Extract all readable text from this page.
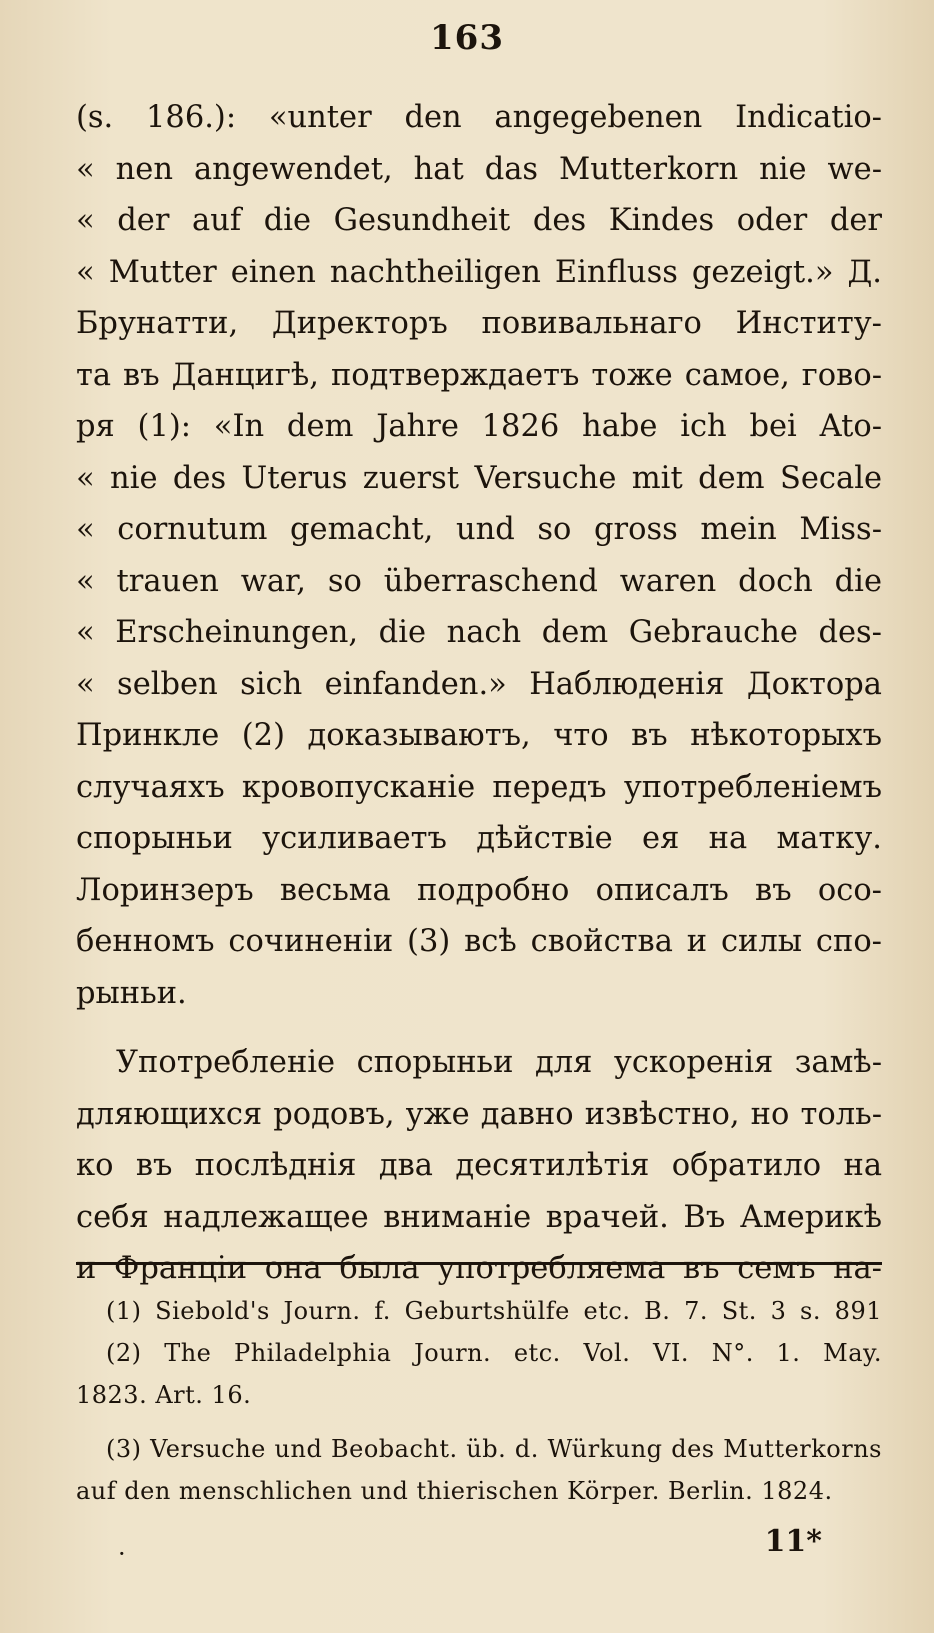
163
(s. 186.): «unter den angegebenen Indicatio-
« nen angewendet, hat das Mutterkorn nie we-
« der auf die Gesundheit des Kindes oder der
« Mutter einen nachtheiligen Einfluss gezeigt.» Д.
Брунатти, Директоръ повивальнаго Институ-
та въ Данцигѣ, подтверждаетъ тоже самое, гово-
ря (1): «In dem Jahre 1826 habe ich bei Ato-
« nie des Uterus zuerst Versuche mit dem Secale
« cornutum gemacht, und so gross mein Miss-
« trauen war, so überraschend waren doch die
« Erscheinungen, die nach dem Gebrauche des-
« selben sich einfanden.» Наблюденія Доктора
Принкле (2) доказываютъ, что въ нѣкоторыхъ
случаяхъ кровопусканіе передъ употребленіемъ
спорыньи усиливаетъ дѣйствіе ея на матку.
Лоринзеръ весьма подробно описалъ въ осо-
бенномъ сочиненіи (3) всѣ свойства и силы спо-
рыньи.
Употребленіе спорыньи для ускоренія замѣ-
дляющихся родовъ, уже давно извѣстно, но толь-
ко въ послѣднія два десятилѣтія обратило на
себя надлежащее вниманіе врачей. Въ Америкѣ
и Франціи она была употребляема въ семъ на-
(1) Siebold's Journ. f. Geburtshülfe etc. B. 7. St. 3 s. 891
(2) The Philadelphia Journ. etc. Vol. VI. N°. 1. May.
1823. Art. 16.
(3) Versuche und Beobacht. üb. d. Würkung des Mutterkorns
auf den menschlichen und thierischen Körper. Berlin. 1824.
·	11*
